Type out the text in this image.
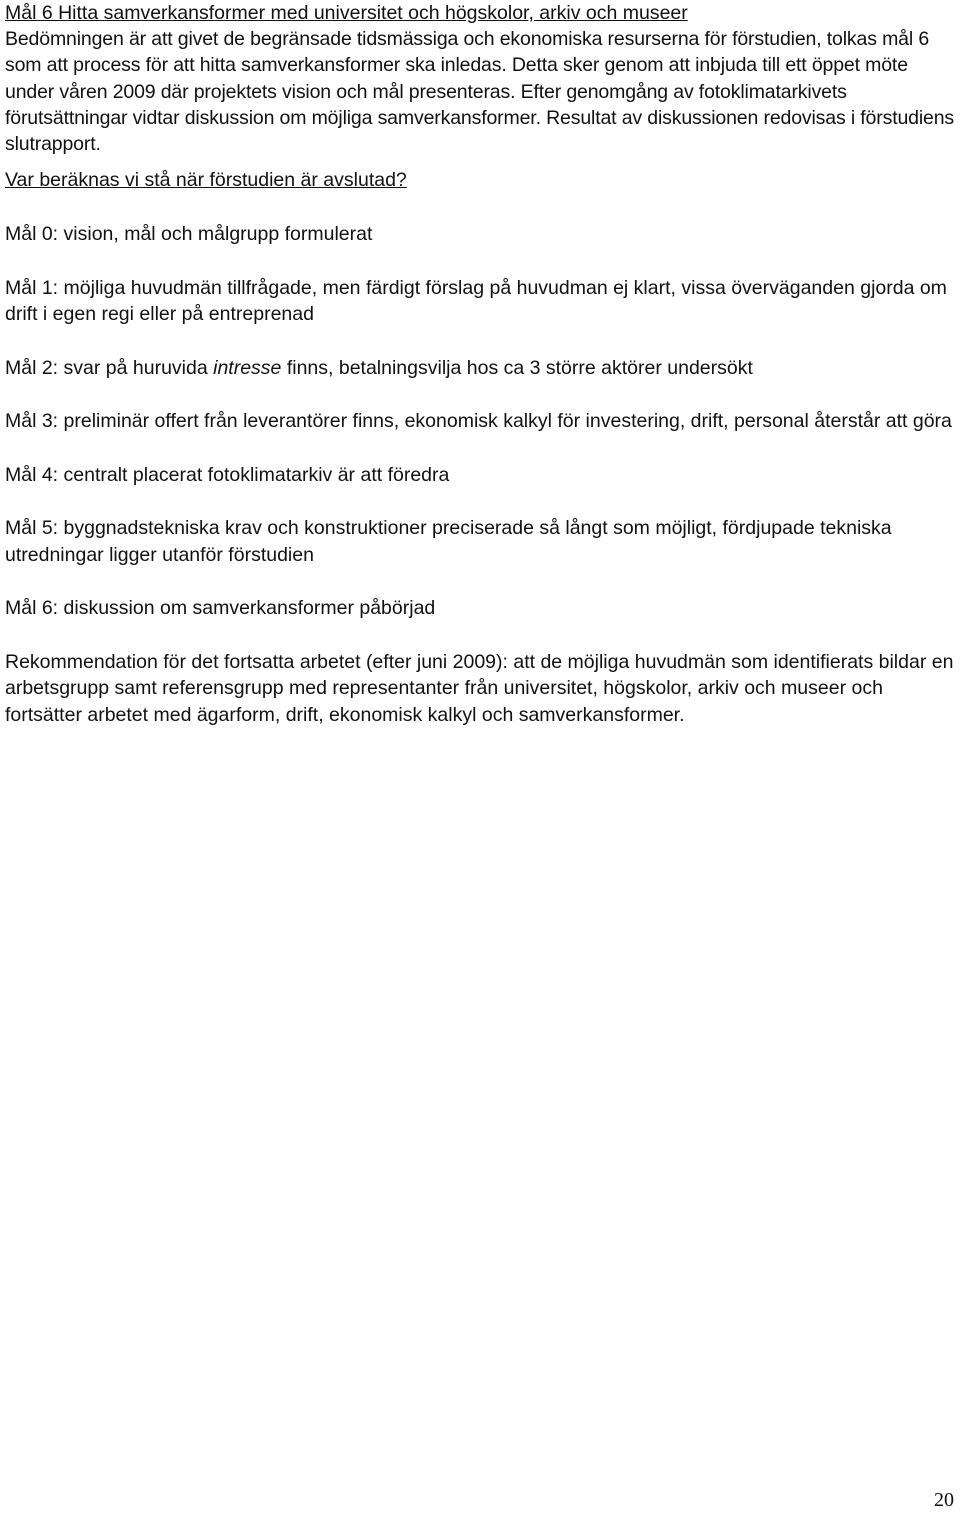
Mål 6 Hitta samverkansformer med universitet och högskolor, arkiv och museer

Bedömningen är att givet de begränsade tidsmässiga och ekonomiska resurserna för förstudien, tolkas mål 6 som att process för att hitta samverkansformer ska inledas. Detta sker genom att inbjuda till ett öppet möte under våren 2009 där projektets vision och mål presenteras. Efter genomgång av fotoklimatarkivets förutsättningar vidtar diskussion om möjliga samverkansformer. Resultat av diskussionen redovisas i förstudiens slutrapport.

Var beräknas vi stå när förstudien är avslutad?

Mål 0: vision, mål och målgrupp formulerat

Mål 1: möjliga huvudmän tillfrågade, men färdigt förslag på huvudman ej klart, vissa överväganden gjorda om drift i egen regi eller på entreprenad

Mål 2: svar på huruvida intresse finns, betalningsvilja hos ca 3 större aktörer undersökt

Mål 3: preliminär offert från leverantörer finns, ekonomisk kalkyl för investering, drift, personal återstår att göra

Mål 4: centralt placerat fotoklimatarkiv är att föredra

Mål 5: byggnadstekniska krav och konstruktioner preciserade så långt som möjligt, fördjupade tekniska utredningar ligger utanför förstudien

Mål 6: diskussion om samverkansformer påbörjad

Rekommendation för det fortsatta arbetet (efter juni 2009): att de möjliga huvudmän som identifierats bildar en arbetsgrupp samt referensgrupp med representanter från universitet, högskolor, arkiv och museer och fortsätter arbetet med ägarform, drift, ekonomisk kalkyl och samverkansformer.

20
